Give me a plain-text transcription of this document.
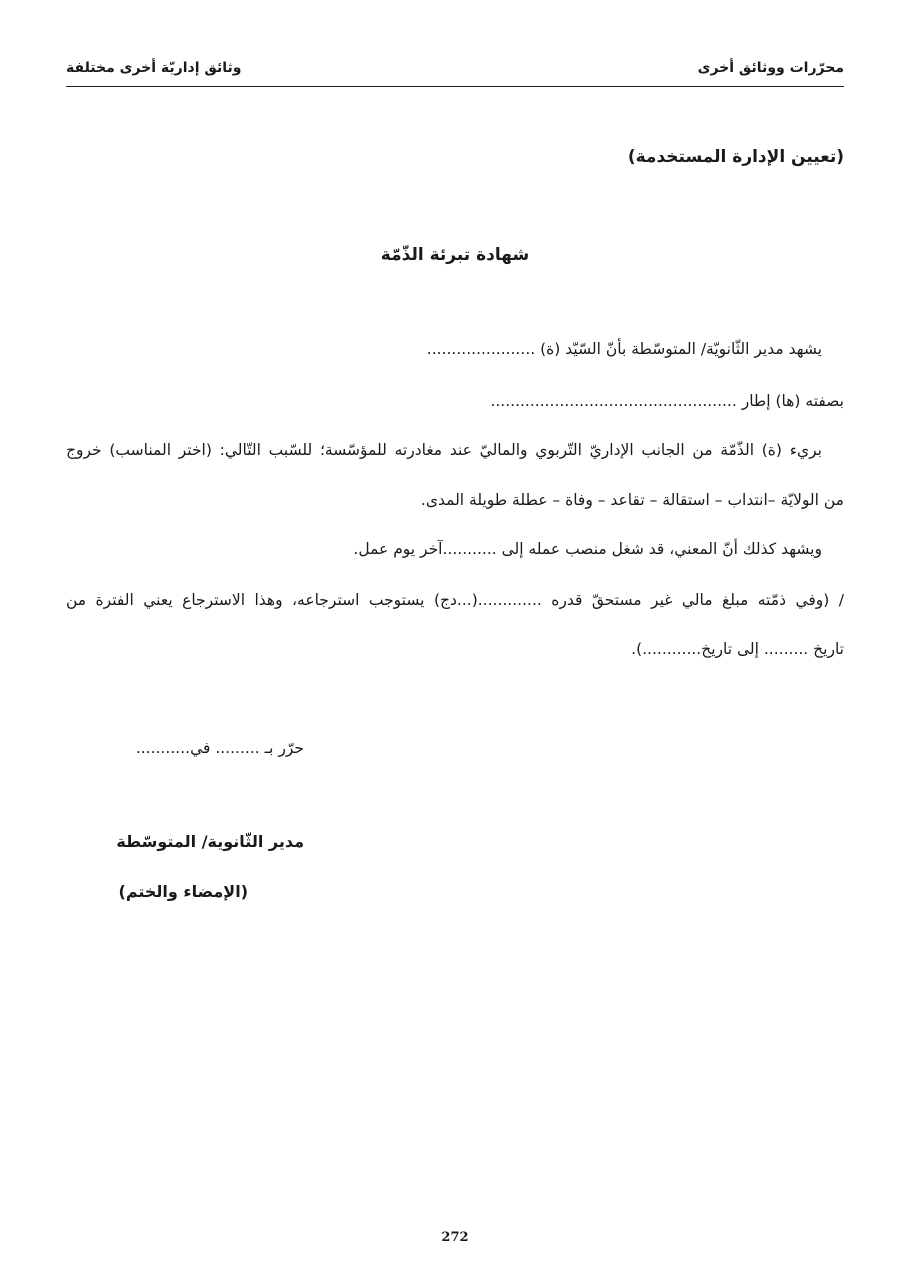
محرّرات ووثائق أخرى
وثائق إداريّة أخرى مختلفة
(تعيين الإدارة المستخدمة)
شهادة تبرئة الذّمّة
يشهد مدير الثّانويّة/ المتوسّطة بأنّ السّيّد (ة) ......................
بصفته (ها) إطار ..................................................
بريء (ة) الذّمّة من الجانب الإداريّ التّربوي والماليّ عند مغادرته للمؤسّسة؛ للسّبب التّالي: (اختر المناسب) خروج
من الولايّة –انتداب – استقالة – تقاعد – وفاة – عطلة طويلة المدى.
ويشهد كذلك أنّ المعني، قد شغل منصب عمله إلى ...........آخر يوم عمل.
/ (وفي ذمّته مبلغ مالي غير مستحقّ قدره .............(...دج) يستوجب استرجاعه، وهذا الاسترجاع يعني الفترة من
تاريخ ......... إلى تاريخ............).
حرّر بـ ......... في...........
مدير الثّانوية/ المتوسّطة
(الإمضاء والختم)
272
